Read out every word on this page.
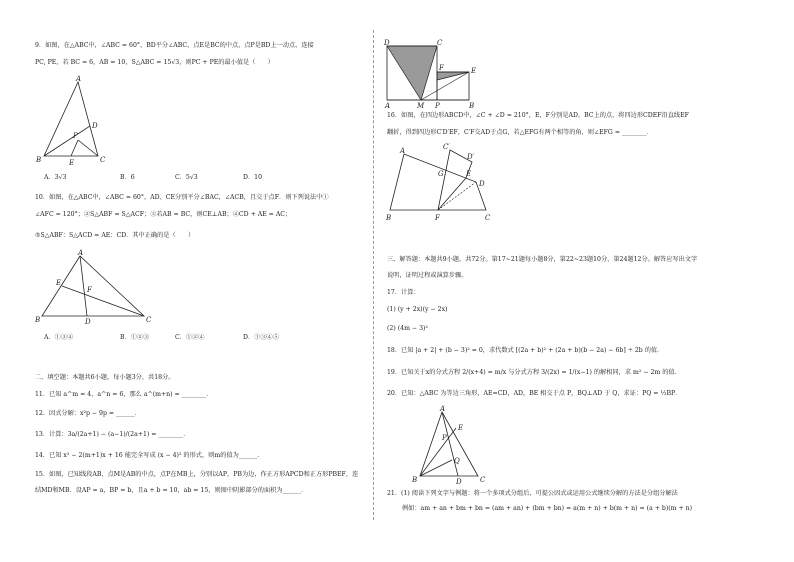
9．如图，在△ABC中，∠ABC = 60°，BD平分∠ABC，点E是BC的中点，点P是BD上一动点，连接
PC, PE，若 BC = 6，AB = 10，S△ABC = 15√3，则PC + PE的最小值是（　　）
A
B	C
D
E
P
A．3√3	B．6	C．5√3	D．10
10．如图，在△ABC中，∠ABC = 60°，AD、CE分别平分∠BAC，∠ACB，且交于点F．则下列说法中①
∠AFC = 120°；②S△ABF = S△ACF；③若AB = BC，则CE⊥AB；④CD + AE = AC；
⑤S△ABF：S△ACD = AE：CD．其中正确的是（　　）
A
B	C
D
E
F
A．①③④	B．①②③	C．①②④	D．①③④⑤
二、填空题：本题共6小题，每小题3分，共18分。
11．已知 a^m = 4，a^n = 6，那么 a^(m+n) = ________．
12．因式分解：x²p − 9p = ______．
13．计算：3a/(2a+1) − (a−1)/(2a+1) = ________．
14．已知 x² − 2(m+1)x + 16 能完全写成 (x − 4)² 的形式，则m的值为______．
15．如图，已知线段AB，点M是AB的中点，点P在MB上，分别以AP，PB为边，作正方形APCD和正方形PBEF，连
结MD和MB．设AP = a，BP = b，且a + b = 10，ab = 15，则图中阴影部分的面积为______．
D	C
E
F
A	M P	B
16．如图，在四边形ABCD中，∠C + ∠D = 210°，E，F分别是AD，BC上的点，将四边形CDEF沿直线EF
翻折，得到四边形C′D′EF，C′F交AD于点G，若△EFG有两个相等的角，则∠EFG = ________．
A
B	F	C
D
E
G
C′
D′
三、解答题：本题共9小题，共72分。第17~21题每小题8分，第22~23题10分，第24题12分。解答应写出文字
说明，证明过程或演算步骤。
17．计算：
(1) (y + 2x)(y − 2x)
(2) (4m − 3)²
18．已知 |a + 2| + (b − 3)² = 0，求代数式 [(2a + b)² + (2a + b)(b − 2a) − 6b] ÷ 2b 的值．
19．已知关于x的分式方程 2/(x+4) = m/x 与分式方程 3/(2x) = 1/(x−1) 的解相同，求 m² − 2m 的值．
20．已知：△ABC 为等边三角形，AE=CD，AD，BE 相交于点 P，BQ⊥AD 于 Q，求证：PQ = ½BP．
A
B	C
D
E
P
Q
21．(1) 阅读下列文字与例题：将一个多项式分组后，可提公因式或运用公式继续分解的方法是分组分解法
例如：am + an + bm + bn = (am + an) + (bm + bn) = a(m + n) + b(m + n) = (a + b)(m + n)
